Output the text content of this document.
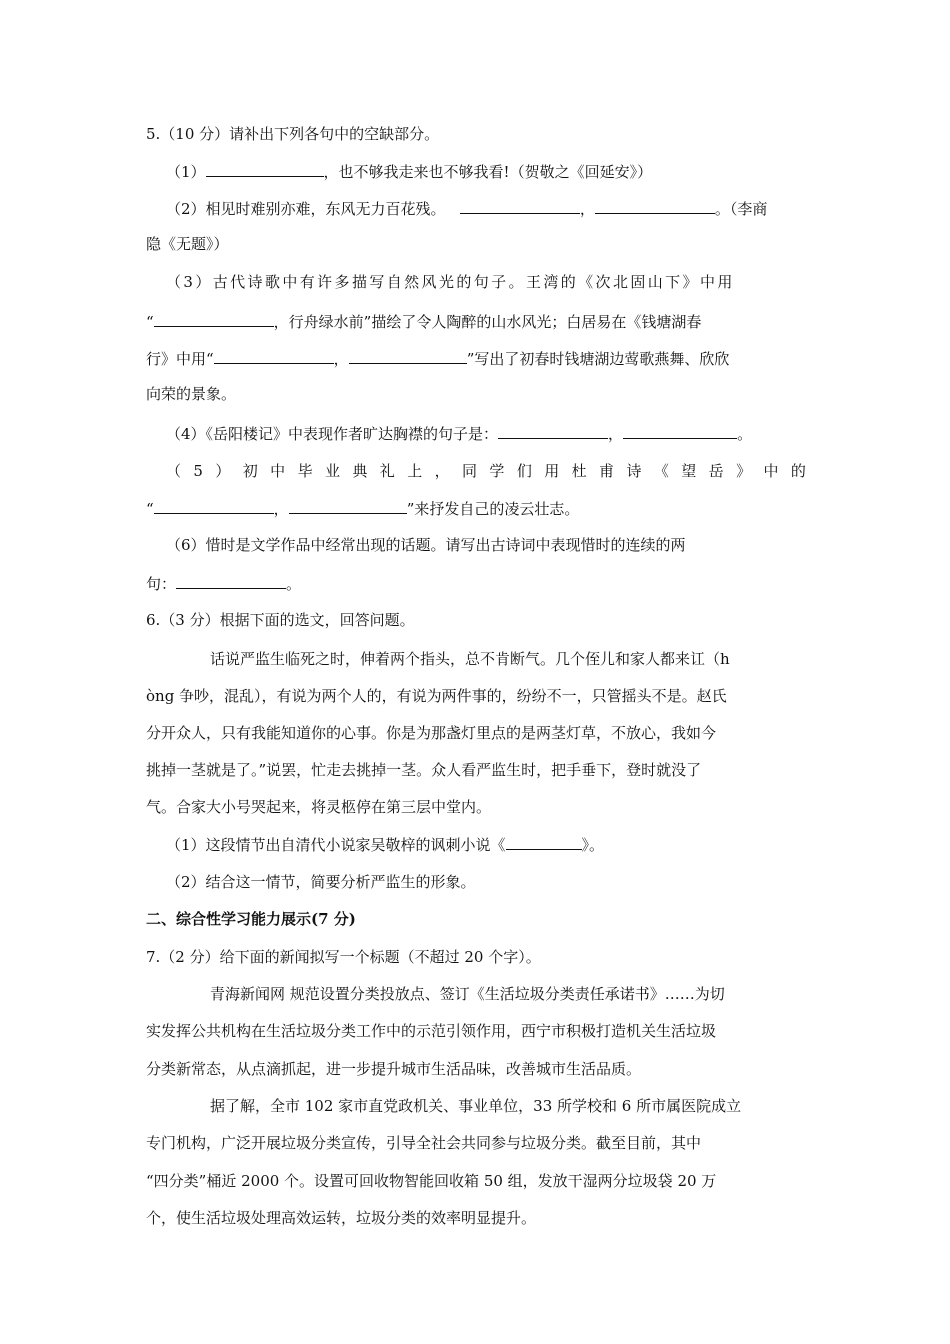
5.（10 分）请补出下列各句中的空缺部分。
（1）	，也不够我走来也不够我看!（贺敬之《回延安》）
（2）相见时难别亦难，东风无力百花残。	，	。（李商
隐《无题》）
（3）古代诗歌中有许多描写自然风光的句子。王湾的《次北固山下》中用
“	，行舟绿水前”描绘了令人陶醉的山水风光；白居易在《钱塘湖春
行》中用“	，	”写出了初春时钱塘湖边莺歌燕舞、欣欣
向荣的景象。
（4）《岳阳楼记》中表现作者旷达胸襟的句子是：	，	。
（ 5 ） 初 中 毕 业 典 礼 上 ， 同 学 们 用 杜 甫 诗 《 望 岳 》 中 的
“	，	”来抒发自己的凌云壮志。
（6）惜时是文学作品中经常出现的话题。请写出古诗词中表现惜时的连续的两
句：	。
6.（3 分）根据下面的选文，回答问题。
话说严监生临死之时，伸着两个指头，总不肯断气。几个侄儿和家人都来讧（h
òng 争吵，混乱），有说为两个人的，有说为两件事的，纷纷不一，只管摇头不是。赵氏
分开众人，只有我能知道你的心事。你是为那盏灯里点的是两茎灯草，不放心，我如今
挑掉一茎就是了。”说罢，忙走去挑掉一茎。众人看严监生时，把手垂下，登时就没了
气。合家大小号哭起来，将灵柩停在第三层中堂内。
（1）这段情节出自清代小说家吴敬梓的讽刺小说《	》。
（2）结合这一情节，简要分析严监生的形象。
二、综合性学习能力展示(7 分)
7.（2 分）给下面的新闻拟写一个标题（不超过 20 个字）。
青海新闻网 规范设置分类投放点、签订《生活垃圾分类责任承诺书》……为切
实发挥公共机构在生活垃圾分类工作中的示范引领作用，西宁市积极打造机关生活垃圾
分类新常态，从点滴抓起，进一步提升城市生活品味，改善城市生活品质。
据了解，全市 102 家市直党政机关、事业单位，33 所学校和 6 所市属医院成立
专门机构，广泛开展垃圾分类宣传，引导全社会共同参与垃圾分类。截至目前，其中
“四分类”桶近 2000 个。设置可回收物智能回收箱 50 组，发放干湿两分垃圾袋 20 万
个，使生活垃圾处理高效运转，垃圾分类的效率明显提升。
